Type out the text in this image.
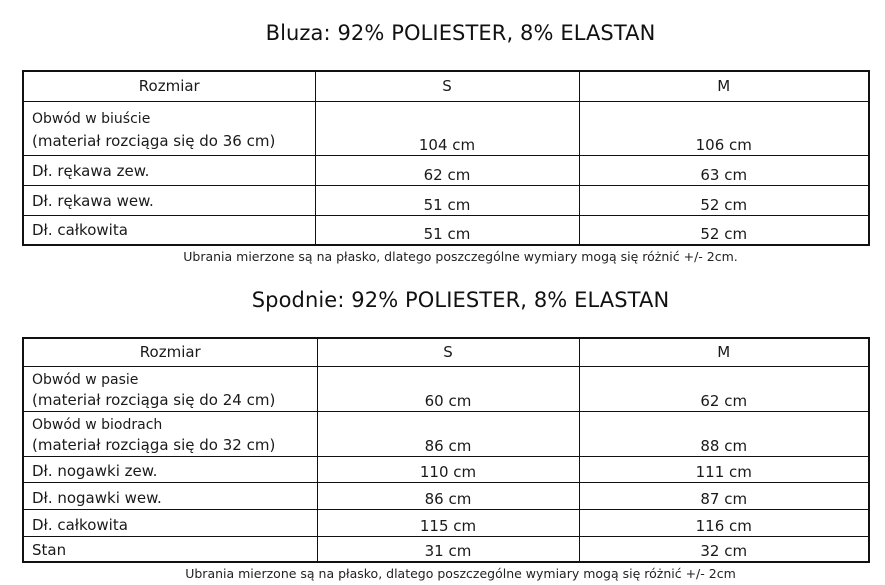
Bluza: 92% POLIESTER, 8% ELASTAN
Rozmiar	S	M

Obwód w biuście
(materiał rozciąga się do 36 cm)	104 cm	106 cm
Dł. rękawa zew.	62 cm	63 cm
Dł. rękawa wew.	51 cm	52 cm
Dł. całkowita	51 cm	52 cm
Ubrania mierzone są na płasko, dlatego poszczególne wymiary mogą się różnić +/- 2cm.
Spodnie: 92% POLIESTER, 8% ELASTAN
Rozmiar	S	M

Obwód w pasie
(materiał rozciąga się do 24 cm)	60 cm	62 cm

Obwód w biodrach
(materiał rozciąga się do 32 cm)	86 cm	88 cm
Dł. nogawki zew.	110 cm	111 cm
Dł. nogawki wew.	86 cm	87 cm
Dł. całkowita	115 cm	116 cm
Stan	31 cm	32 cm
Ubrania mierzone są na płasko, dlatego poszczególne wymiary mogą się różnić +/- 2cm
